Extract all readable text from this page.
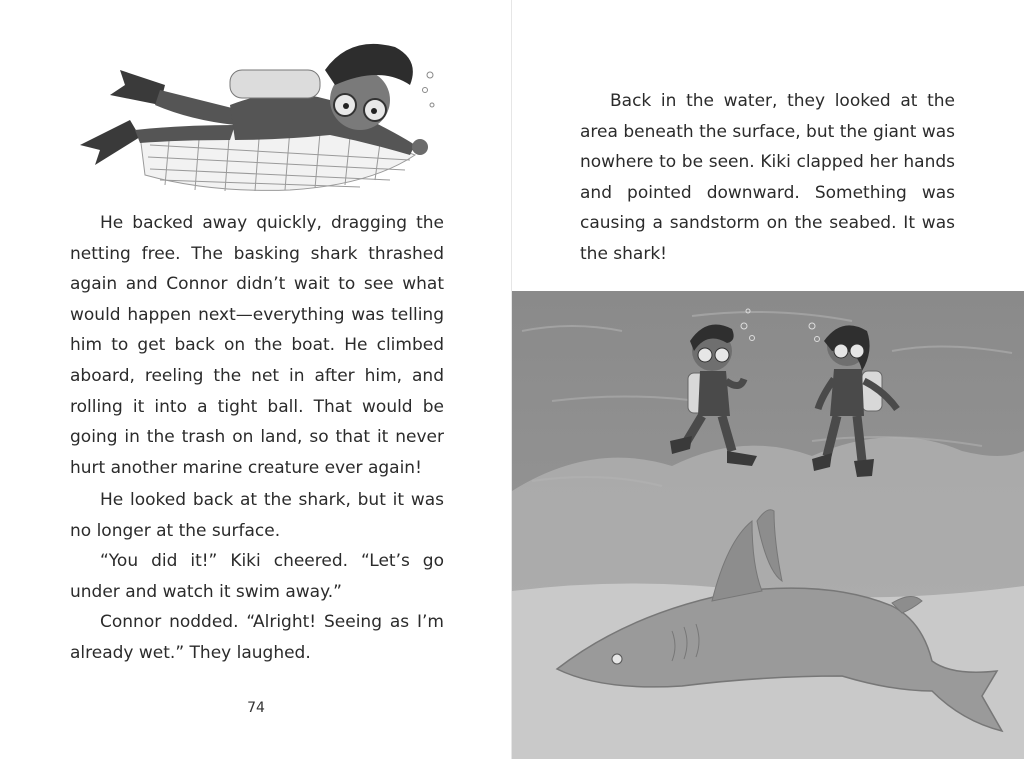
He backed away quickly, dragging the netting free. The basking shark thrashed again and Connor didn’t wait to see what would happen next—everything was telling him to get back on the boat. He climbed aboard, reeling the net in after him, and rolling it into a tight ball. That would be going in the trash on land, so that it never hurt another marine creature ever again!

He looked back at the shark, but it was no longer at the surface.

“You did it!” Kiki cheered. “Let’s go under and watch it swim away.”

Connor nodded. “Alright! Seeing as I’m already wet.” They laughed.

74

Back in the water, they looked at the area beneath the surface, but the giant was nowhere to be seen. Kiki clapped her hands and pointed downward. Something was causing a sandstorm on the seabed. It was the shark!
